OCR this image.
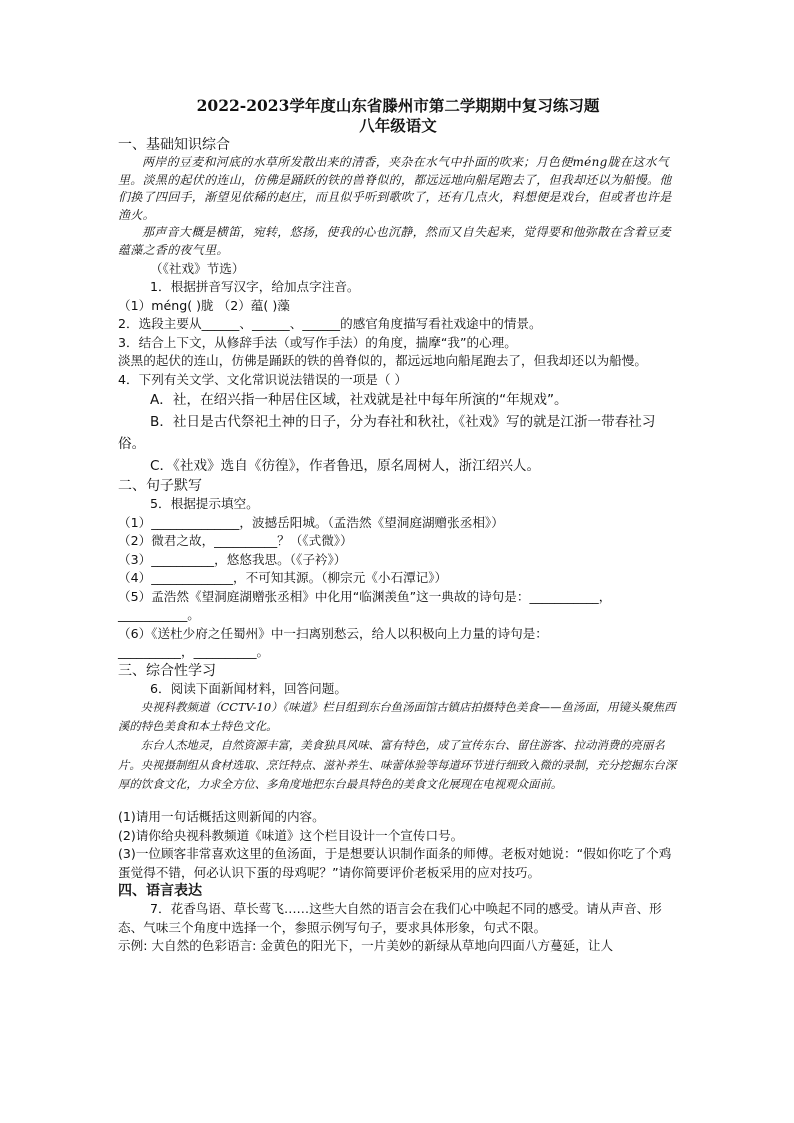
2022-2023学年度山东省滕州市第二学期期中复习练习题

八年级语文

一、基础知识综合

两岸的豆麦和河底的水草所发散出来的清香，夹杂在水气中扑面的吹来；月色便méng胧在这水气里。淡黑的起伏的连山，仿佛是踊跃的铁的兽脊似的，都远远地向船尾跑去了，但我却还以为船慢。他们换了四回手，渐望见依稀的赵庄，而且似乎听到歌吹了，还有几点火，料想便是戏台，但或者也许是渔火。

那声音大概是横笛，宛转，悠扬，使我的心也沉静，然而又自失起来，觉得要和他弥散在含着豆麦蕴藻之香的夜气里。

（《社戏》节选）

1．根据拼音写汉字，给加点字注音。

（1）méng( )胧 （2）蕴( )藻

2．选段主要从______、______、______的感官角度描写看社戏途中的情景。

3．结合上下文，从修辞手法（或写作手法）的角度，揣摩“我”的心理。

淡黑的起伏的连山，仿佛是踊跃的铁的兽脊似的，都远远地向船尾跑去了，但我却还以为船慢。

4．下列有关文学、文化常识说法错误的一项是（ ）

A．社，在绍兴指一种居住区域，社戏就是社中每年所演的“年规戏”。

B．社日是古代祭祀土神的日子，分为春社和秋社，《社戏》写的就是江浙一带春社习俗。

C．《社戏》选自《彷徨》，作者鲁迅，原名周树人，浙江绍兴人。

二、句子默写

5．根据提示填空。

（1）______________，波撼岳阳城。（孟浩然《望洞庭湖赠张丞相》）

（2）微君之故，__________？（《式微》）

（3）__________，悠悠我思。（《子衿》）

（4）_____________，不可知其源。（柳宗元《小石潭记》）

（5）孟浩然《望洞庭湖赠张丞相》中化用“临渊羡鱼”这一典故的诗句是：___________，

___________。

（6）《送杜少府之任蜀州》中一扫离别愁云，给人以积极向上力量的诗句是：

__________，__________。

三、综合性学习

6．阅读下面新闻材料，回答问题。

央视科教频道（CCTV-10）《味道》栏目组到东台鱼汤面馆古镇店拍摄特色美食——鱼汤面，用镜头聚焦西溪的特色美食和本土特色文化。

东台人杰地灵，自然资源丰富，美食独具风味、富有特色，成了宣传东台、留住游客、拉动消费的亮丽名片。央视摄制组从食材选取、烹饪特点、滋补养生、味蕾体验等每道环节进行细致入微的录制，充分挖掘东台深厚的饮食文化，力求全方位、多角度地把东台最具特色的美食文化展现在电视观众面前。

(1)请用一句话概括这则新闻的内容。

(2)请你给央视科教频道《味道》这个栏目设计一个宣传口号。

(3)一位顾客非常喜欢这里的鱼汤面，于是想要认识制作面条的师傅。老板对她说：“假如你吃了个鸡蛋觉得不错，何必认识下蛋的母鸡呢？”请你简要评价老板采用的应对技巧。

四、语言表达

7．花香鸟语、草长莺飞……这些大自然的语言会在我们心中唤起不同的感受。请从声音、形态、气味三个角度中选择一个，参照示例写句子，要求具体形象，句式不限。

示例: 大自然的色彩语言: 金黄色的阳光下，一片美妙的新绿从草地向四面八方蔓延，让人
